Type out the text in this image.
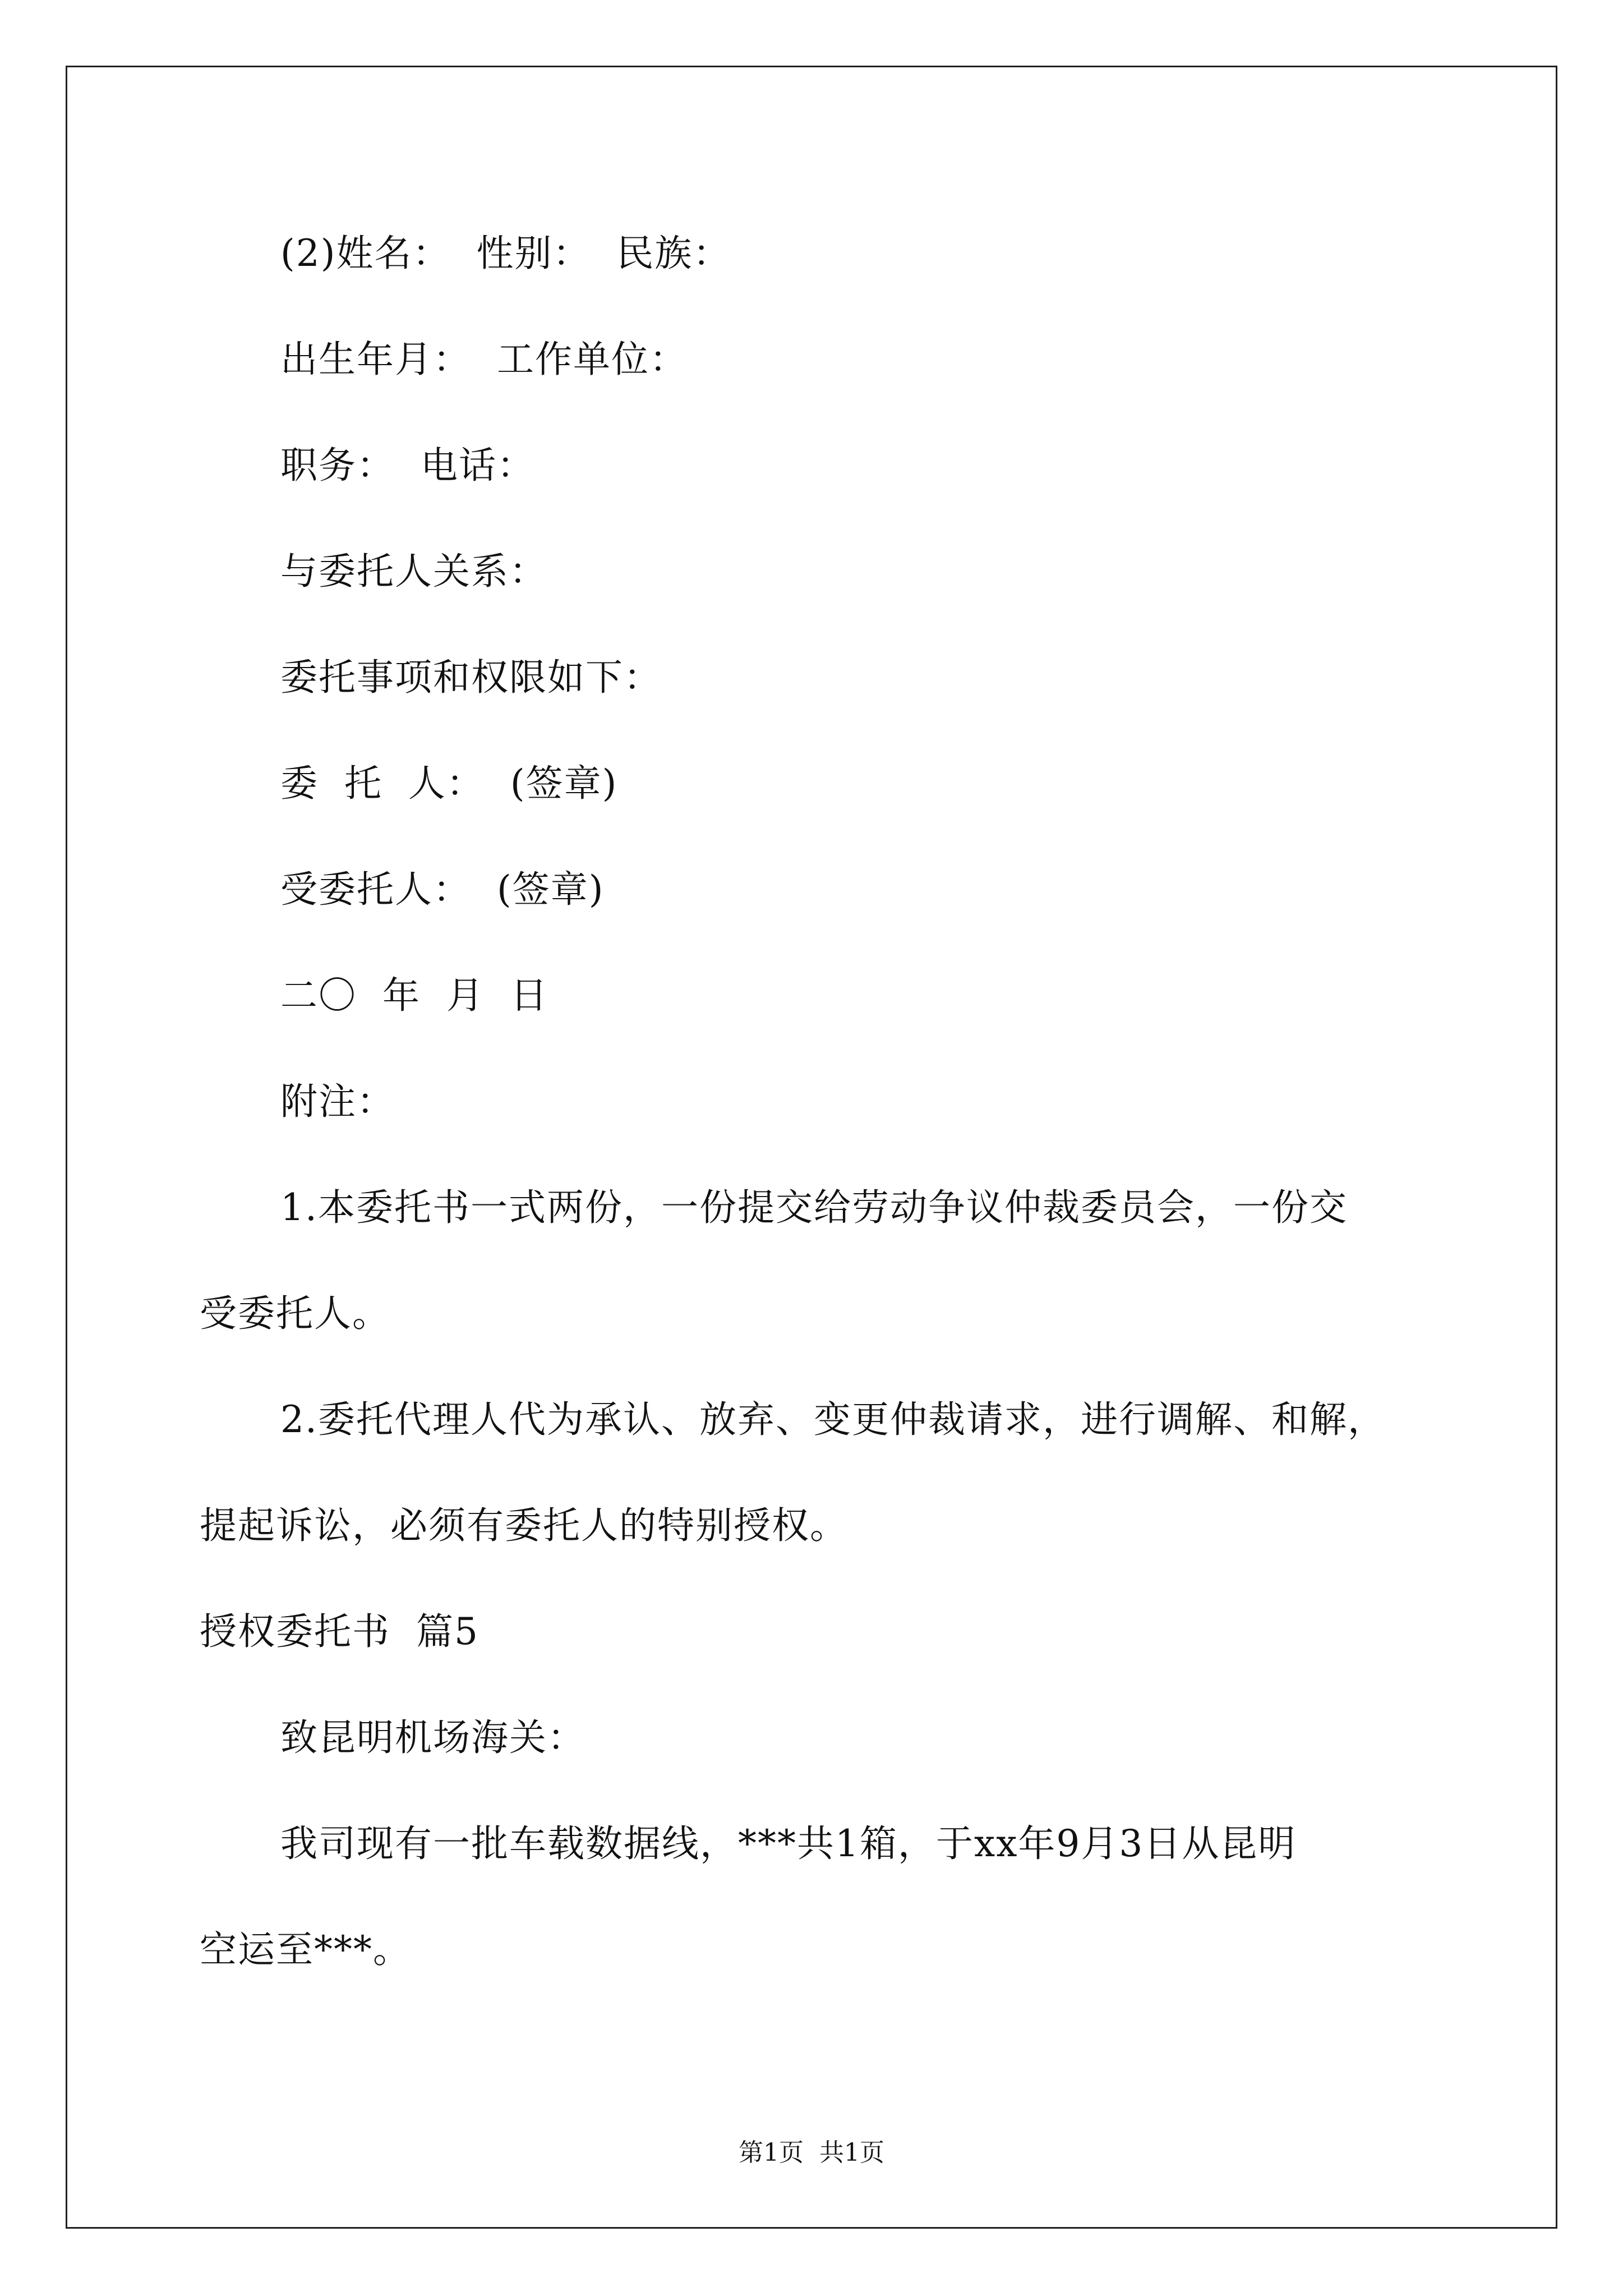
(2)姓名：  性别：  民族：
出生年月：  工作单位：
职务：  电话：
与委托人关系：
委托事项和权限如下：
委  托  人：  (签章)
受委托人：  (签章)
二〇  年  月  日
附注：
1.本委托书一式两份，一份提交给劳动争议仲裁委员会，一份交
受委托人。
2.委托代理人代为承认、放弃、变更仲裁请求，进行调解、和解，
提起诉讼，必须有委托人的特别授权。
授权委托书  篇5
致昆明机场海关：
我司现有一批车载数据线，***共1箱，于xx年9月3日从昆明
空运至***。
第1页  共1页
